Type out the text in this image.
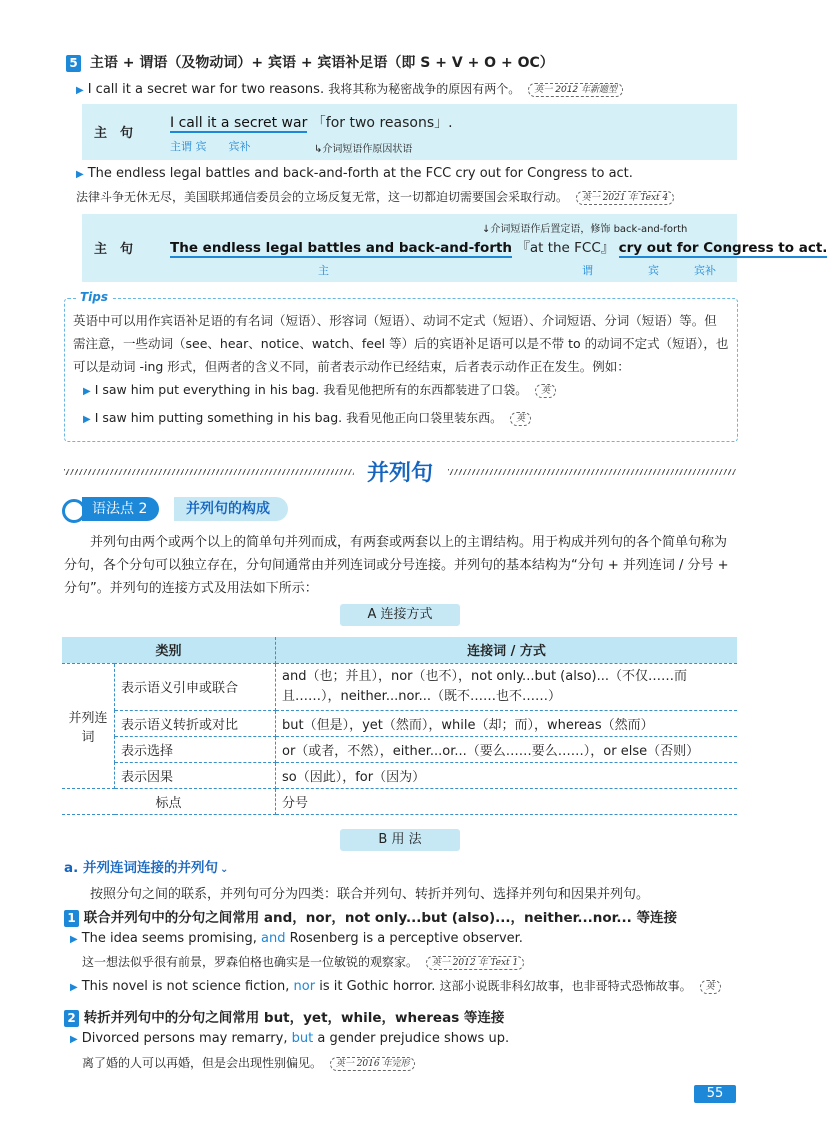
5 主语 + 谓语（及物动词）+ 宾语 + 宾语补足语（即 S + V + O + OC）
▶ I call it a secret war for two reasons. 我将其称为秘密战争的原因有两个。 英一 2012 年新题型
主　句
I call it a secret war 「for two reasons」.
主谓 宾　　宾补	↳介词短语作原因状语
▶ The endless legal battles and back-and-forth at the FCC cry out for Congress to act.
法律斗争无休无尽，美国联邦通信委员会的立场反复无常，这一切都迫切需要国会采取行动。 英一 2021 年 Text 4
主　句
↓介词短语作后置定语，修饰 back-and-forth
The endless legal battles and back-and-forth 『at the FCC』 cry out for Congress to act.
主	谓	宾	宾补
Tips
英语中可以用作宾语补足语的有名词（短语）、形容词（短语）、动词不定式（短语）、介词短语、分词（短语）等。但需注意，一些动词（see、hear、notice、watch、feel 等）后的宾语补足语可以是不带 to 的动词不定式（短语），也可以是动词 -ing 形式，但两者的含义不同，前者表示动作已经结束，后者表示动作正在发生。例如：
▶ I saw him put everything in his bag. 我看见他把所有的东西都装进了口袋。 英
▶ I saw him putting something in his bag. 我看见他正向口袋里装东西。 英
并列句
语法点 2	并列句的构成
并列句由两个或两个以上的简单句并列而成，有两套或两套以上的主谓结构。用于构成并列句的各个简单句称为分句，各个分句可以独立存在，分句间通常由并列连词或分号连接。并列句的基本结构为“分句 + 并列连词 / 分号 + 分句”。并列句的连接方式及用法如下所示：
A 连接方式
类别		连接词 / 方式
并列连词	表示语义引申或联合	and（也；并且），nor（也不），not only...but (also)...（不仅……而且……），neither...nor...（既不……也不……）
	表示语义转折或对比	but（但是），yet（然而），while（却；而），whereas（然而）
	表示选择	or（或者，不然），either...or...（要么……要么……），or else（否则）
	表示因果	so（因此），for（因为）
标点		分号
B 用 法
a. 并列连词连接的并列句 ⌄
按照分句之间的联系，并列句可分为四类：联合并列句、转折并列句、选择并列句和因果并列句。
1 联合并列句中的分句之间常用 and，nor，not only...but (also)...，neither...nor... 等连接
▶ The idea seems promising, and Rosenberg is a perceptive observer.
这一想法似乎很有前景，罗森伯格也确实是一位敏锐的观察家。 英一 2012 年 Text 1
▶ This novel is not science fiction, nor is it Gothic horror. 这部小说既非科幻故事，也非哥特式恐怖故事。 英
2 转折并列句中的分句之间常用 but，yet，while，whereas 等连接
▶ Divorced persons may remarry, but a gender prejudice shows up.
离了婚的人可以再婚，但是会出现性别偏见。 英一 2016 年完形
55
